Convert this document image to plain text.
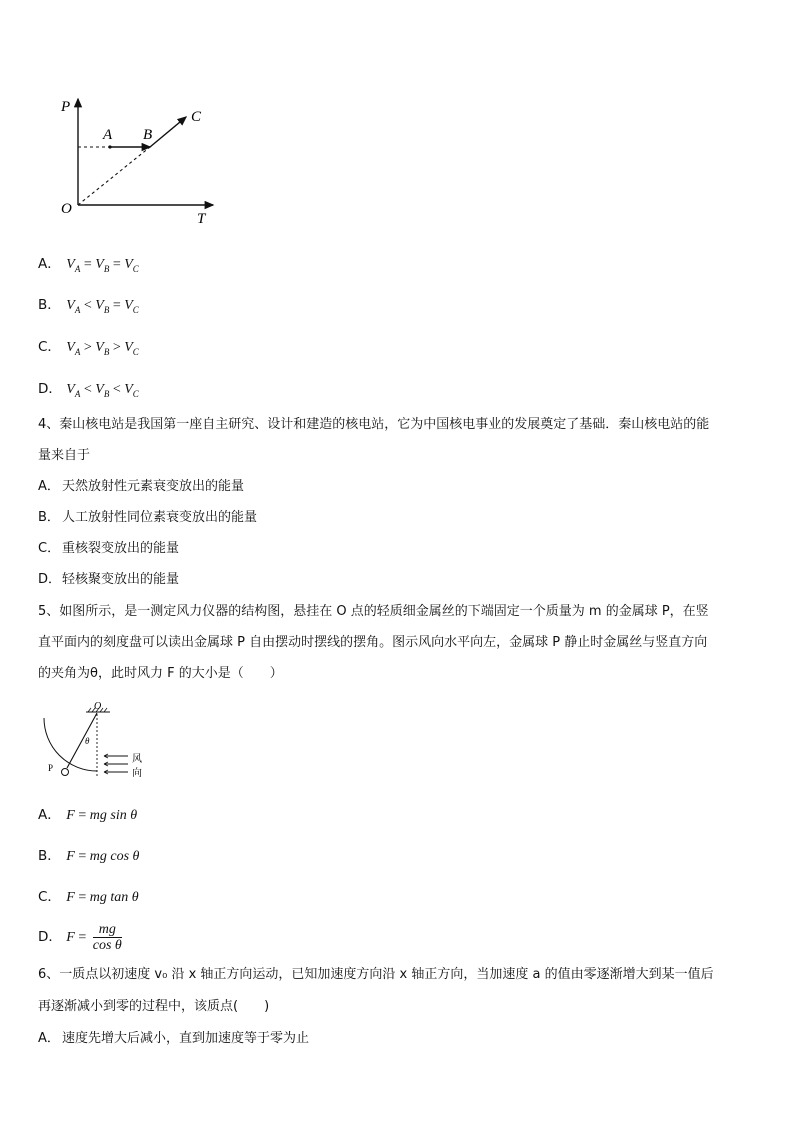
P
T
O
A B
C
A． $V_A = V_B = V_C$
B． $V_A < V_B = V_C$
C． $V_A > V_B > V_C$
D． $V_A < V_B < V_C$
4、秦山核电站是我国第一座自主研究、设计和建造的核电站，它为中国核电事业的发展奠定了基础．秦山核电站的能
量来自于
A． 天然放射性元素衰变放出的能量
B． 人工放射性同位素衰变放出的能量
C． 重核裂变放出的能量
D．轻核聚变放出的能量
5、如图所示，是一测定风力仪器的结构图，悬挂在 O 点的轻质细金属丝的下端固定一个质量为 m 的金属球 P，在竖
直平面内的刻度盘可以读出金属球 P 自由摆动时摆线的摆角。图示风向水平向左，金属球 P 静止时金属丝与竖直方向
的夹角为θ，此时风力 F 的大小是（　　）
O
θ
P
风
向
A． F = mg sin θ
B． F = mg cos θ
C． F = mg tan θ
D． $F = \frac{mg}{\text{cos θ}}$
6、一质点以初速度 v₀ 沿 x 轴正方向运动，已知加速度方向沿 x 轴正方向，当加速度 a 的值由零逐渐增大到某一值后
再逐渐减小到零的过程中，该质点(　　)
A． 速度先增大后减小，直到加速度等于零为止
